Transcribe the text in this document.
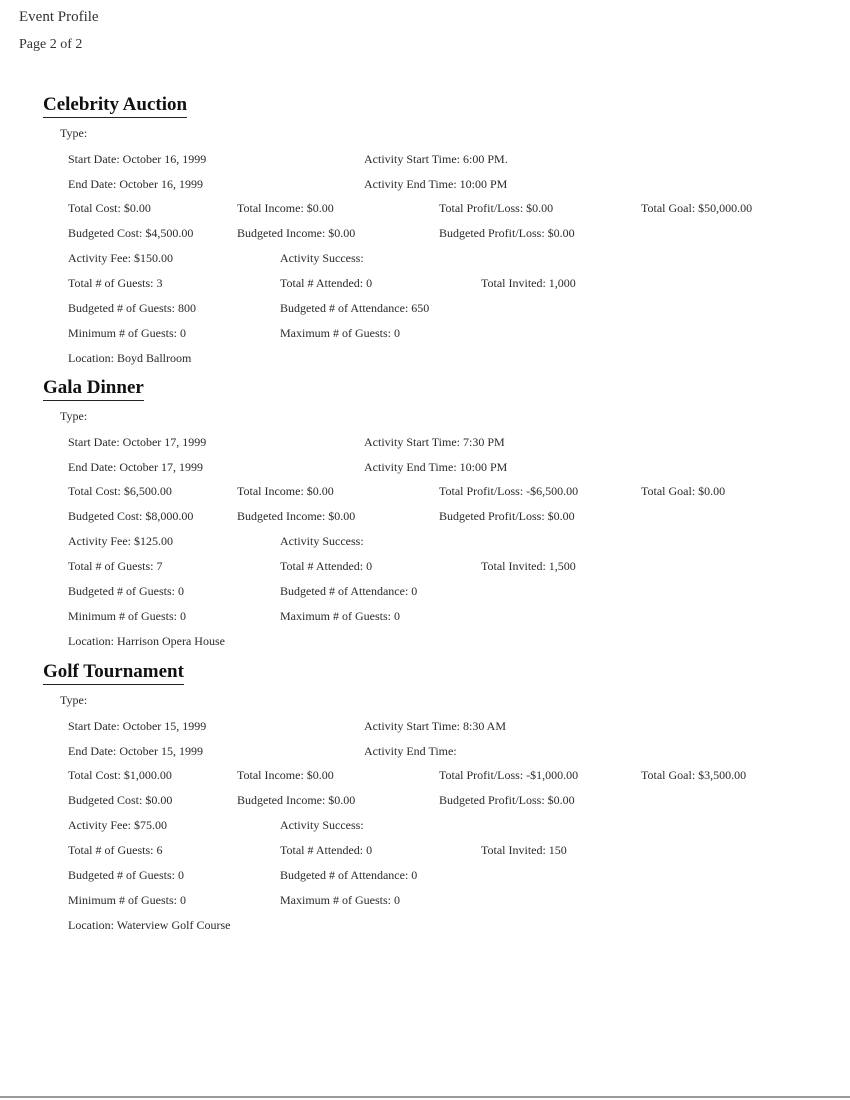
Event Profile
Page 2 of 2
Celebrity Auction
Type:
Start Date: October 16, 1999	Activity Start Time: 6:00 PM.
End Date: October 16, 1999	Activity End Time: 10:00 PM
Total Cost: $0.00	Total Income: $0.00	Total Profit/Loss: $0.00	Total Goal: $50,000.00
Budgeted Cost: $4,500.00	Budgeted Income: $0.00	Budgeted Profit/Loss: $0.00
Activity Fee: $150.00	Activity Success:
Total # of Guests: 3	Total # Attended: 0	Total Invited: 1,000
Budgeted # of Guests: 800	Budgeted # of Attendance: 650
Minimum # of Guests: 0	Maximum # of Guests: 0
Location: Boyd Ballroom
Gala Dinner
Type:
Start Date: October 17, 1999	Activity Start Time: 7:30 PM
End Date: October 17, 1999	Activity End Time: 10:00 PM
Total Cost: $6,500.00	Total Income: $0.00	Total Profit/Loss: -$6,500.00	Total Goal: $0.00
Budgeted Cost: $8,000.00	Budgeted Income: $0.00	Budgeted Profit/Loss: $0.00
Activity Fee: $125.00	Activity Success:
Total # of Guests: 7	Total # Attended: 0	Total Invited: 1,500
Budgeted # of Guests: 0	Budgeted # of Attendance: 0
Minimum # of Guests: 0	Maximum # of Guests: 0
Location: Harrison Opera House
Golf Tournament
Type:
Start Date: October 15, 1999	Activity Start Time: 8:30 AM
End Date: October 15, 1999	Activity End Time:
Total Cost: $1,000.00	Total Income: $0.00	Total Profit/Loss: -$1,000.00	Total Goal: $3,500.00
Budgeted Cost: $0.00	Budgeted Income: $0.00	Budgeted Profit/Loss: $0.00
Activity Fee: $75.00	Activity Success:
Total # of Guests: 6	Total # Attended: 0	Total Invited: 150
Budgeted # of Guests: 0	Budgeted # of Attendance: 0
Minimum # of Guests: 0	Maximum # of Guests: 0
Location: Waterview Golf Course
